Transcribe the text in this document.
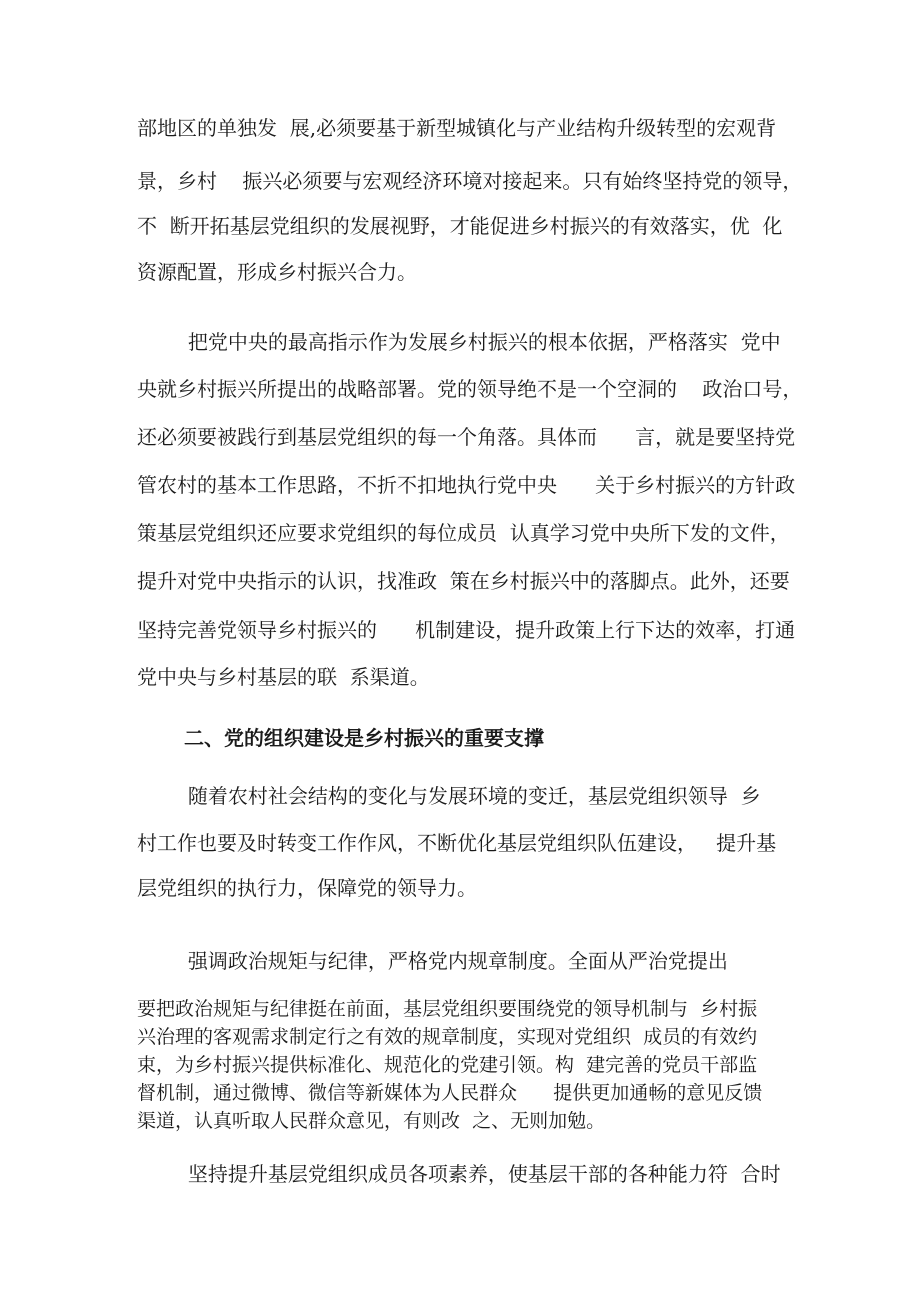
部地区的单独发  展,必须要基于新型城镇化与产业结构升级转型的宏观背
景，乡村    振兴必须要与宏观经济环境对接起来。只有始终坚持党的领导，
不  断开拓基层党组织的发展视野，才能促进乡村振兴的有效落实，优  化
资源配置，形成乡村振兴合力。
把党中央的最高指示作为发展乡村振兴的根本依据，严格落实  党中
央就乡村振兴所提出的战略部署。党的领导绝不是一个空洞的    政治口号，
还必须要被践行到基层党组织的每一个角落。具体而      言，就是要坚持党
管农村的基本工作思路，不折不扣地执行党中央      关于乡村振兴的方针政
策基层党组织还应要求党组织的每位成员  认真学习党中央所下发的文件，
提升对党中央指示的认识，找准政  策在乡村振兴中的落脚点。此外，还要
坚持完善党领导乡村振兴的      机制建设，提升政策上行下达的效率，打通
党中央与乡村基层的联  系渠道。
二、党的组织建设是乡村振兴的重要支撑
随着农村社会结构的变化与发展环境的变迁，基层党组织领导  乡
村工作也要及时转变工作作风，不断优化基层党组织队伍建设，   提升基
层党组织的执行力，保障党的领导力。
强调政治规矩与纪律，严格党内规章制度。全面从严治党提出
要把政治规矩与纪律挺在前面，基层党组织要围绕党的领导机制与  乡村振
兴治理的客观需求制定行之有效的规章制度，实现对党组织  成员的有效约
束，为乡村振兴提供标准化、规范化的党建引领。构  建完善的党员干部监
督机制，通过微博、微信等新媒体为人民群众      提供更加通畅的意见反馈
渠道，认真听取人民群众意见，有则改  之、无则加勉。
坚持提升基层党组织成员各项素养，使基层干部的各种能力符  合时
